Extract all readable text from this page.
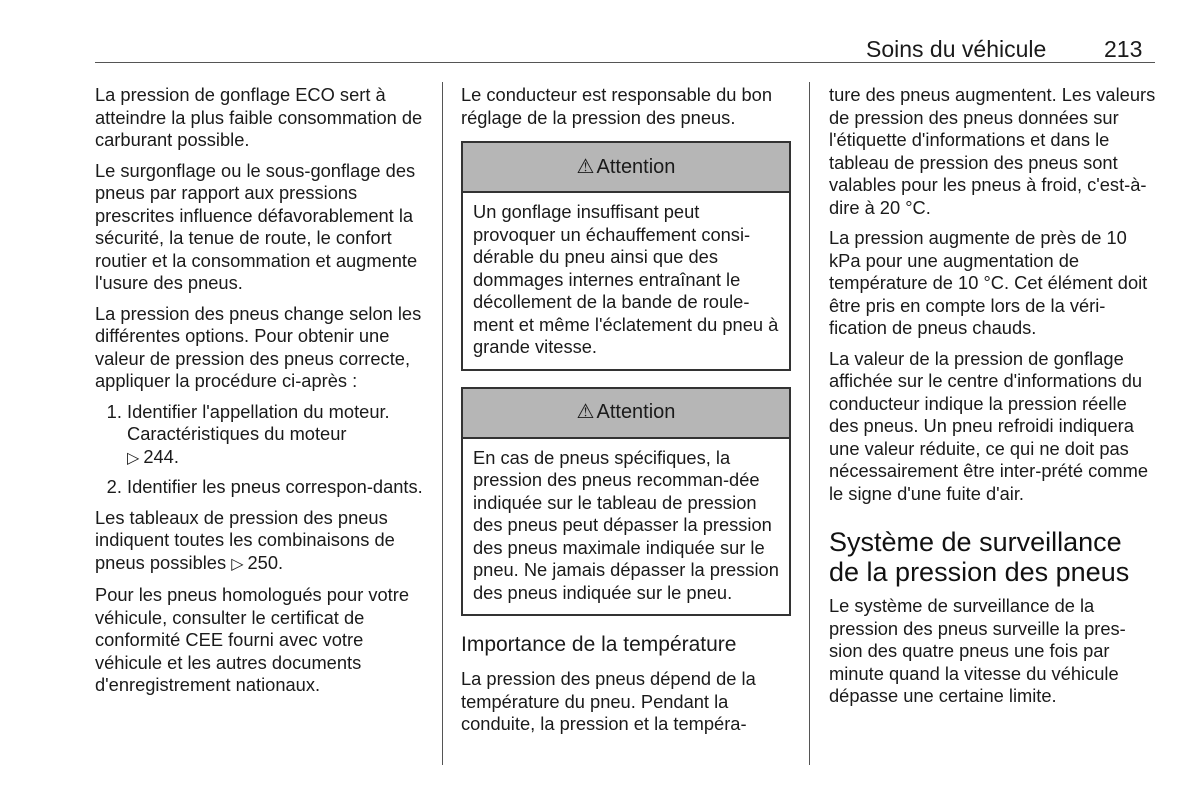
Soins du véhicule	213

La pression de gonflage ECO sert à atteindre la plus faible consommation de carburant possible.

Le surgonflage ou le sous-gonflage des pneus par rapport aux pressions prescrites influence défavorablement la sécurité, la tenue de route, le confort routier et la consommation et augmente l'usure des pneus.

La pression des pneus change selon les différentes options. Pour obtenir une valeur de pression des pneus correcte, appliquer la procédure ci-après :

1. Identifier l'appellation du moteur. Caractéristiques du moteur
▷ 244.
2. Identifier les pneus correspon-dants.

Les tableaux de pression des pneus indiquent toutes les combinaisons de pneus possibles ▷ 250.

Pour les pneus homologués pour votre véhicule, consulter le certificat de conformité CEE fourni avec votre véhicule et les autres documents d'enregistrement nationaux.

Le conducteur est responsable du bon réglage de la pression des pneus.

⚠ Attention
Un gonflage insuffisant peut provoquer un échauffement consi-dérable du pneu ainsi que des dommages internes entraînant le décollement de la bande de roule-ment et même l'éclatement du pneu à grande vitesse.
⚠ Attention
En cas de pneus spécifiques, la pression des pneus recomman-dée indiquée sur le tableau de pression des pneus peut dépasser la pression des pneus maximale indiquée sur le pneu. Ne jamais dépasser la pression des pneus indiquée sur le pneu.
Importance de la température

La pression des pneus dépend de la température du pneu. Pendant la conduite, la pression et la tempéra-

ture des pneus augmentent. Les valeurs de pression des pneus données sur l'étiquette d'informations et dans le tableau de pression des pneus sont valables pour les pneus à froid, c'est-à-dire à 20 °C.

La pression augmente de près de 10 kPa pour une augmentation de température de 10 °C. Cet élément doit être pris en compte lors de la véri-fication de pneus chauds.

La valeur de la pression de gonflage affichée sur le centre d'informations du conducteur indique la pression réelle des pneus. Un pneu refroidi indiquera une valeur réduite, ce qui ne doit pas nécessairement être inter-prété comme le signe d'une fuite d'air.

Système de surveillance de la pression des pneus

Le système de surveillance de la pression des pneus surveille la pres-sion des quatre pneus une fois par minute quand la vitesse du véhicule dépasse une certaine limite.
